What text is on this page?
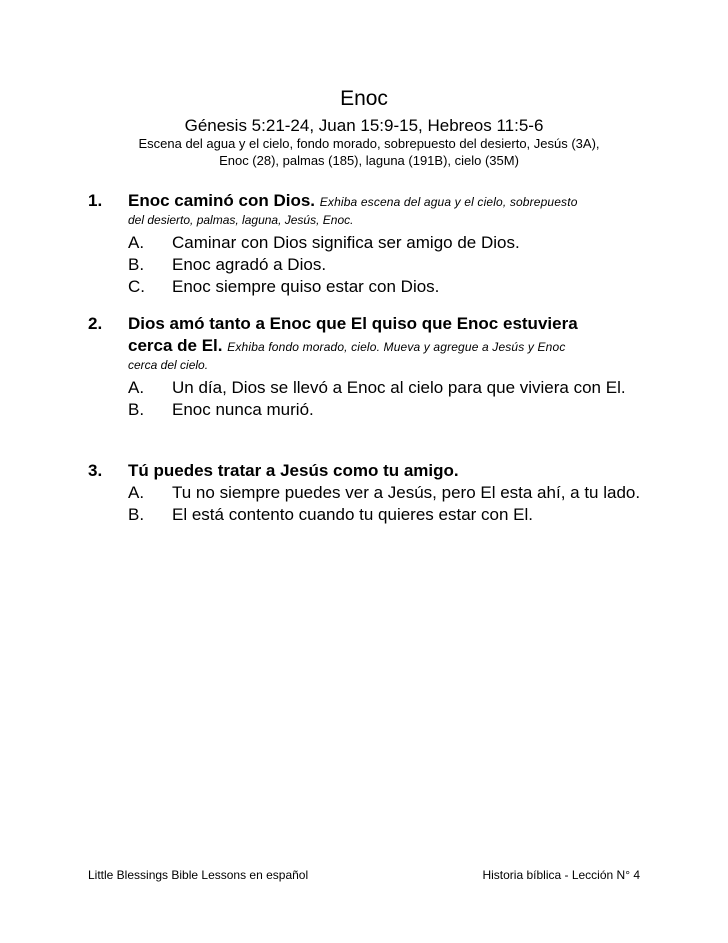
Enoc
Génesis 5:21-24, Juan 15:9-15, Hebreos 11:5-6
Escena del agua y el cielo, fondo morado, sobrepuesto del desierto, Jesús (3A),
Enoc (28), palmas (185), laguna (191B), cielo (35M)
1. Enoc caminó con Dios. Exhiba escena del agua y el cielo, sobrepuesto
del desierto, palmas, laguna, Jesús, Enoc.
A. Caminar con Dios significa ser amigo de Dios.
B. Enoc agradó a Dios.
C. Enoc siempre quiso estar con Dios.
2. Dios amó tanto a Enoc que El quiso que Enoc estuviera
cerca de El. Exhiba fondo morado, cielo. Mueva y agregue a Jesús y Enoc
cerca del cielo.
A. Un día, Dios se llevó a Enoc al cielo para que viviera con El.
B. Enoc nunca murió.
3. Tú puedes tratar a Jesús como tu amigo.
A. Tu no siempre puedes ver a Jesús, pero El esta ahí, a tu lado.
B. El está contento cuando tu quieres estar con El.
Little Blessings Bible Lessons en español	Historia bíblica - Lección N° 4
